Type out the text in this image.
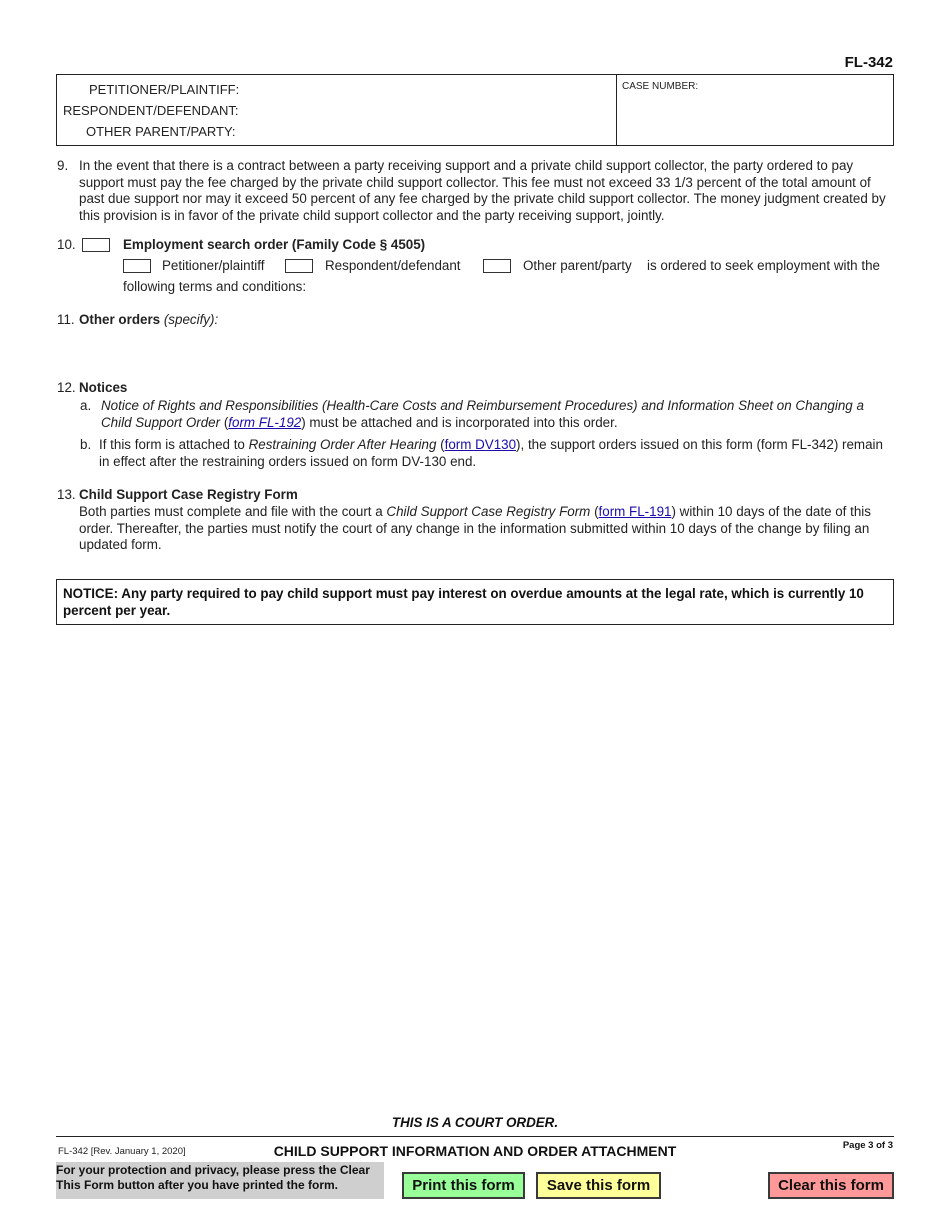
FL-342
PETITIONER/PLAINTIFF:
RESPONDENT/DEFENDANT:
OTHER PARENT/PARTY:
CASE NUMBER:
9. In the event that there is a contract between a party receiving support and a private child support collector, the party ordered to pay support must pay the fee charged by the private child support collector. This fee must not exceed 33 1/3 percent of the total amount of past due support nor may it exceed 50 percent of any fee charged by the private child support collector. The money judgment created by this provision is in favor of the private child support collector and the party receiving support, jointly.
10.	Employment search order (Family Code § 4505)
Petitioner/plaintiff	Respondent/defendant	Other parent/party is ordered to seek employment with the
following terms and conditions:
11. Other orders (specify):
12. Notices
a. Notice of Rights and Responsibilities (Health-Care Costs and Reimbursement Procedures) and Information Sheet on Changing a Child Support Order (form FL-192) must be attached and is incorporated into this order.
b. If this form is attached to Restraining Order After Hearing (form DV130), the support orders issued on this form (form FL-342) remain in effect after the restraining orders issued on form DV-130 end.
13. Child Support Case Registry Form
Both parties must complete and file with the court a Child Support Case Registry Form (form FL-191) within 10 days of the date of this order. Thereafter, the parties must notify the court of any change in the information submitted within 10 days of the change by filing an updated form.
NOTICE: Any party required to pay child support must pay interest on overdue amounts at the legal rate, which is currently 10 percent per year.
THIS IS A COURT ORDER.
FL-342 [Rev. January 1, 2020]	CHILD SUPPORT INFORMATION AND ORDER ATTACHMENT	Page 3 of 3
For your protection and privacy, please press the Clear
This Form button after you have printed the form.	Print this form	Save this form	Clear this form
